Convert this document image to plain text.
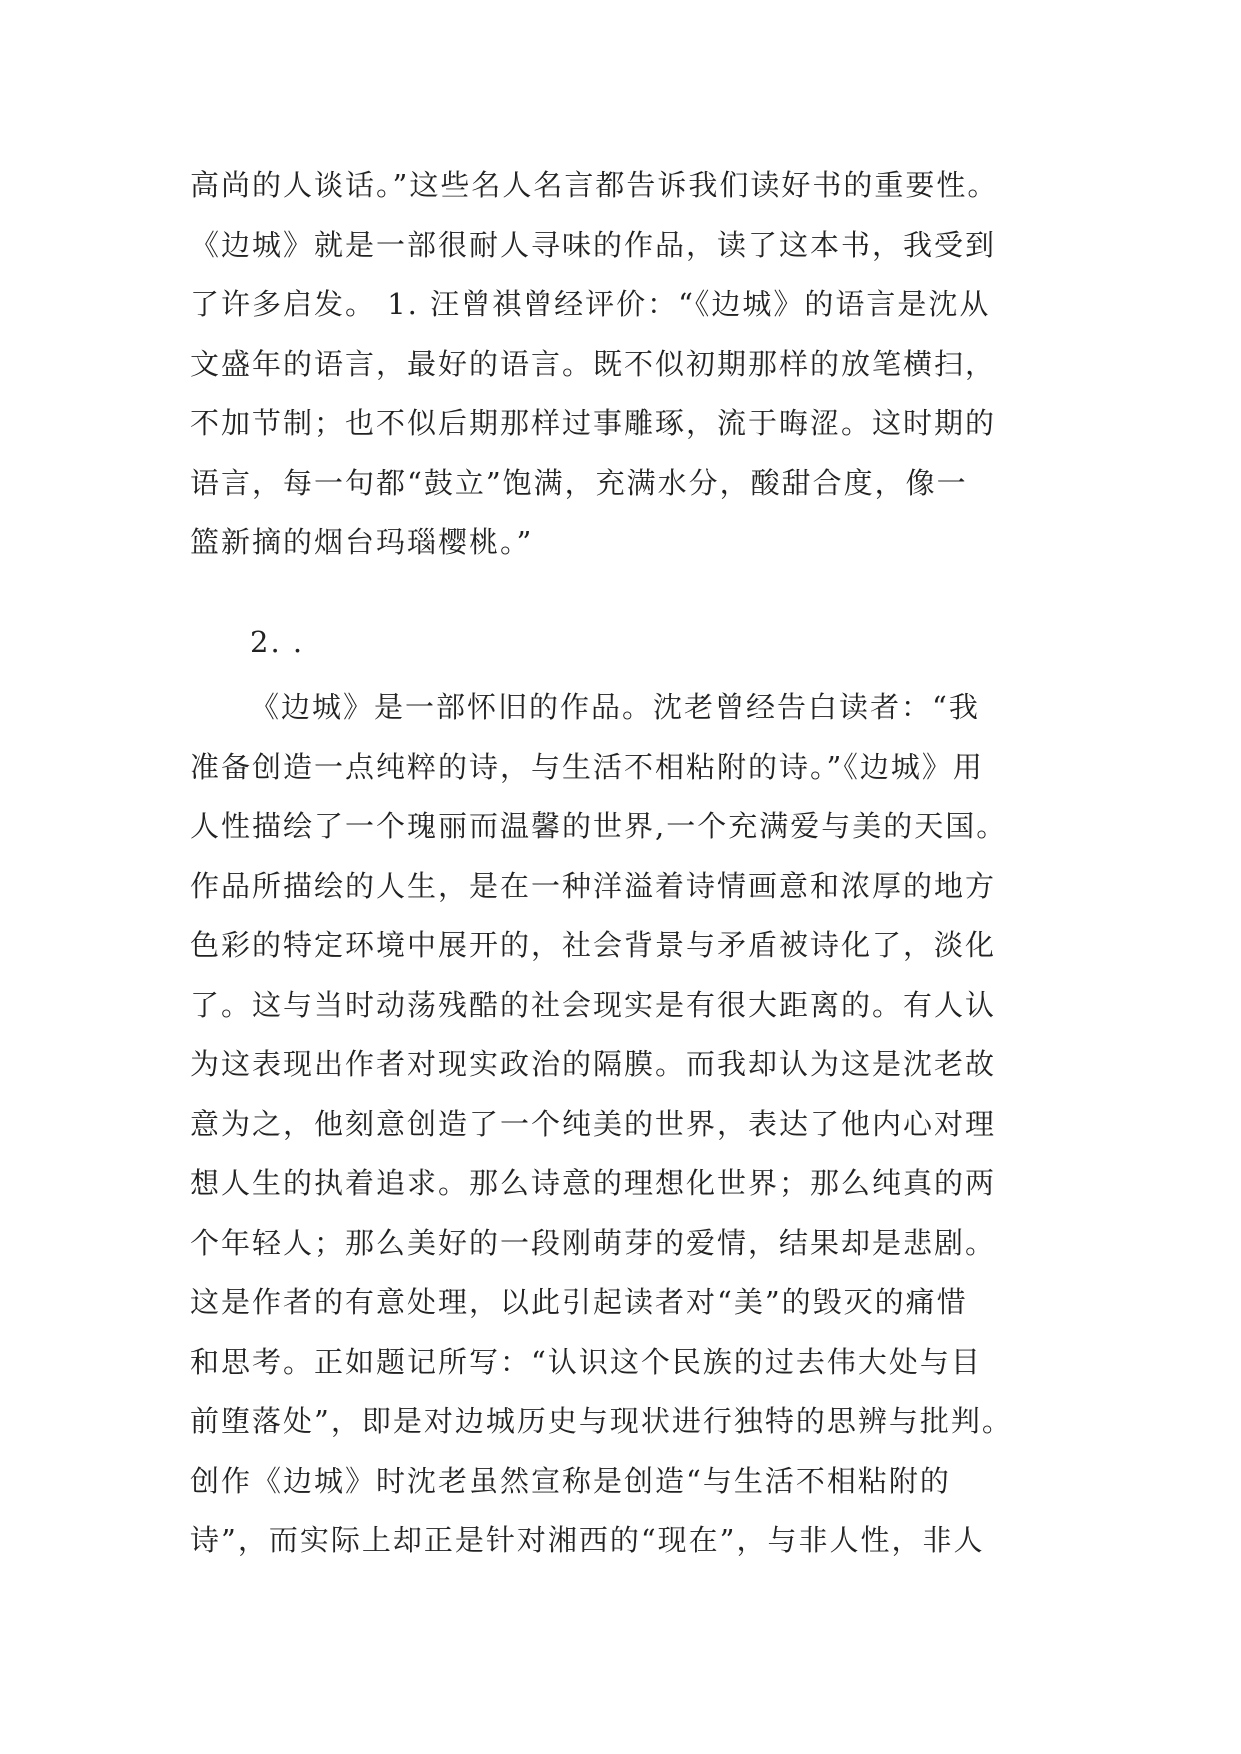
高尚的人谈话。”这些名人名言都告诉我们读好书的重要性。
《边城》就是一部很耐人寻味的作品，读了这本书，我受到
了许多启发。 1. 汪曾祺曾经评价：“《边城》的语言是沈从
文盛年的语言，最好的语言。既不似初期那样的放笔横扫，
不加节制；也不似后期那样过事雕琢，流于晦涩。这时期的
语言，每一句都“鼓立”饱满，充满水分，酸甜合度，像一
篮新摘的烟台玛瑙樱桃。”
2. .
《边城》是一部怀旧的作品。沈老曾经告白读者：“我
准备创造一点纯粹的诗，与生活不相粘附的诗。”《边城》用
人性描绘了一个瑰丽而温馨的世界,一个充满爱与美的天国。
作品所描绘的人生，是在一种洋溢着诗情画意和浓厚的地方
色彩的特定环境中展开的，社会背景与矛盾被诗化了，淡化
了。这与当时动荡残酷的社会现实是有很大距离的。有人认
为这表现出作者对现实政治的隔膜。而我却认为这是沈老故
意为之，他刻意创造了一个纯美的世界，表达了他内心对理
想人生的执着追求。那么诗意的理想化世界；那么纯真的两
个年轻人；那么美好的一段刚萌芽的爱情，结果却是悲剧。
这是作者的有意处理，以此引起读者对“美”的毁灭的痛惜
和思考。正如题记所写：“认识这个民族的过去伟大处与目
前堕落处”，即是对边城历史与现状进行独特的思辨与批判。
创作《边城》时沈老虽然宣称是创造“与生活不相粘附的
诗”，而实际上却正是针对湘西的“现在”，与非人性，非人
